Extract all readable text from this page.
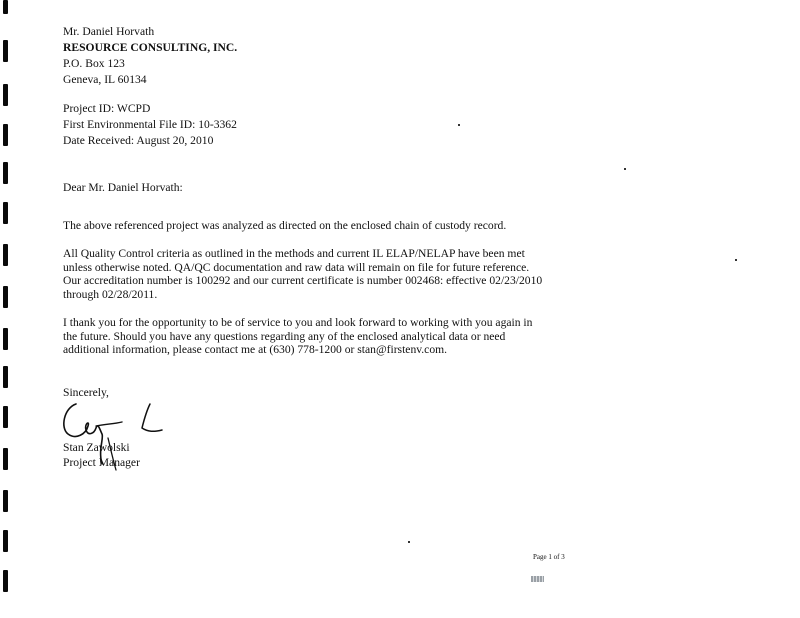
Mr. Daniel Horvath
RESOURCE CONSULTING, INC.
P.O. Box 123
Geneva, IL 60134
Project ID: WCPD
First Environmental File ID: 10-3362
Date Received: August 20, 2010
Dear Mr. Daniel Horvath:
The above referenced project was analyzed as directed on the enclosed chain of custody record.
All Quality Control criteria as outlined in the methods and current IL ELAP/NELAP have been met
unless otherwise noted. QA/QC documentation and raw data will remain on file for future reference.
Our accreditation number is 100292 and our current certificate is number 002468: effective 02/23/2010
through 02/28/2011.
I thank you for the opportunity to be of service to you and look forward to working with you again in
the future. Should you have any questions regarding any of the enclosed analytical data or need
additional information, please contact me at (630) 778-1200 or stan@firstenv.com.
Sincerely,
Stan Zawolski
Project Manager
Page 1 of 3
